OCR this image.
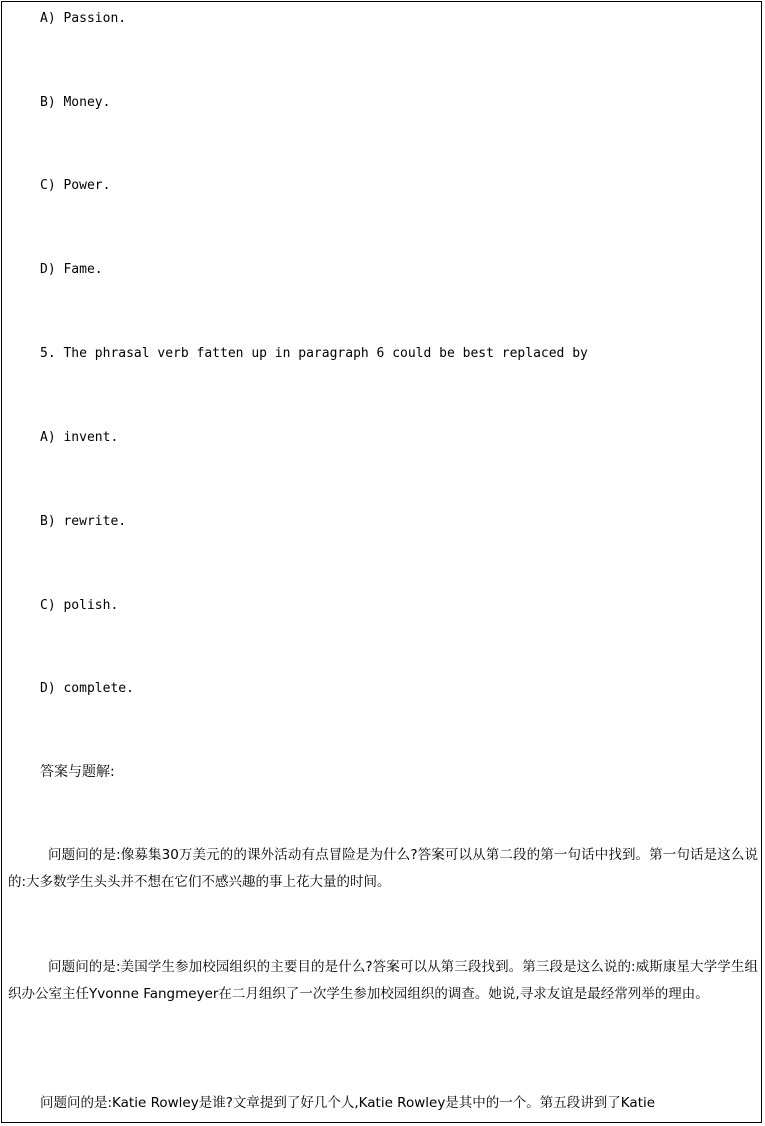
A) Passion.
B) Money.
C) Power.
D) Fame.
5. The phrasal verb fatten up in paragraph 6 could be best replaced by
A) invent.
B) rewrite.
C) polish.
D) complete.
答案与题解:

问题问的是:像募集30万美元的的课外活动有点冒险是为什么?答案可以从第二段的第一句话中找到。第一句话是这么说的:大多数学生头头并不想在它们不感兴趣的事上花大量的时间。

问题问的是:美国学生参加校园组织的主要目的是什么?答案可以从第三段找到。第三段是这么说的:威斯康星大学学生组织办公室主任Yvonne Fangmeyer在二月组织了一次学生参加校园组织的调查。她说,寻求友谊是最经常列举的理由。

问题问的是:Katie Rowley是谁?文章提到了好几个人,Katie Rowley是其中的一个。第五段讲到了Katie
